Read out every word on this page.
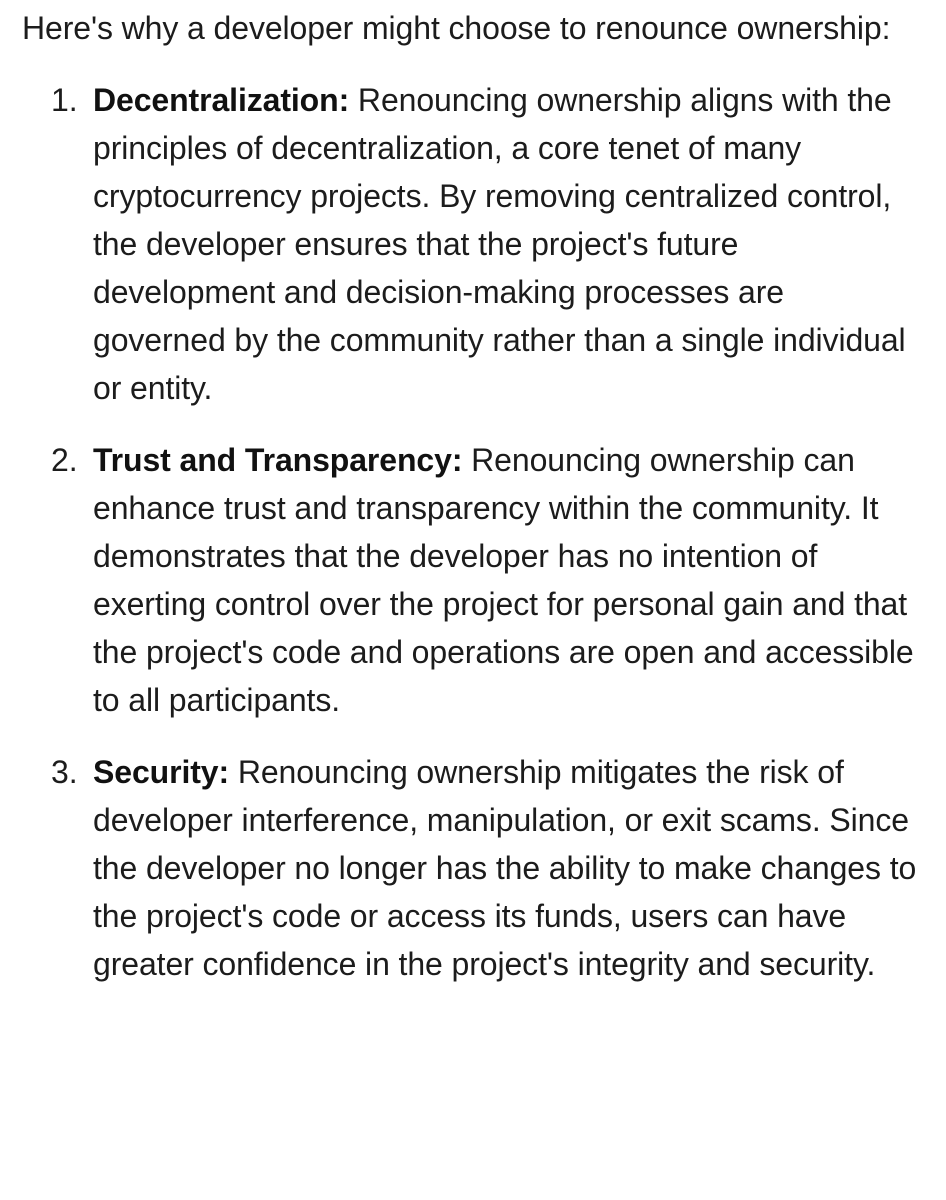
Here's why a developer might choose to renounce ownership:

1. Decentralization: Renouncing ownership aligns with the principles of decentralization, a core tenet of many cryptocurrency projects. By removing centralized control, the developer ensures that the project's future development and decision-making processes are governed by the community rather than a single individual or entity.
2. Trust and Transparency: Renouncing ownership can enhance trust and transparency within the community. It demonstrates that the developer has no intention of exerting control over the project for personal gain and that the project's code and operations are open and accessible to all participants.
3. Security: Renouncing ownership mitigates the risk of developer interference, manipulation, or exit scams. Since the developer no longer has the ability to make changes to the project's code or access its funds, users can have greater confidence in the project's integrity and security.
